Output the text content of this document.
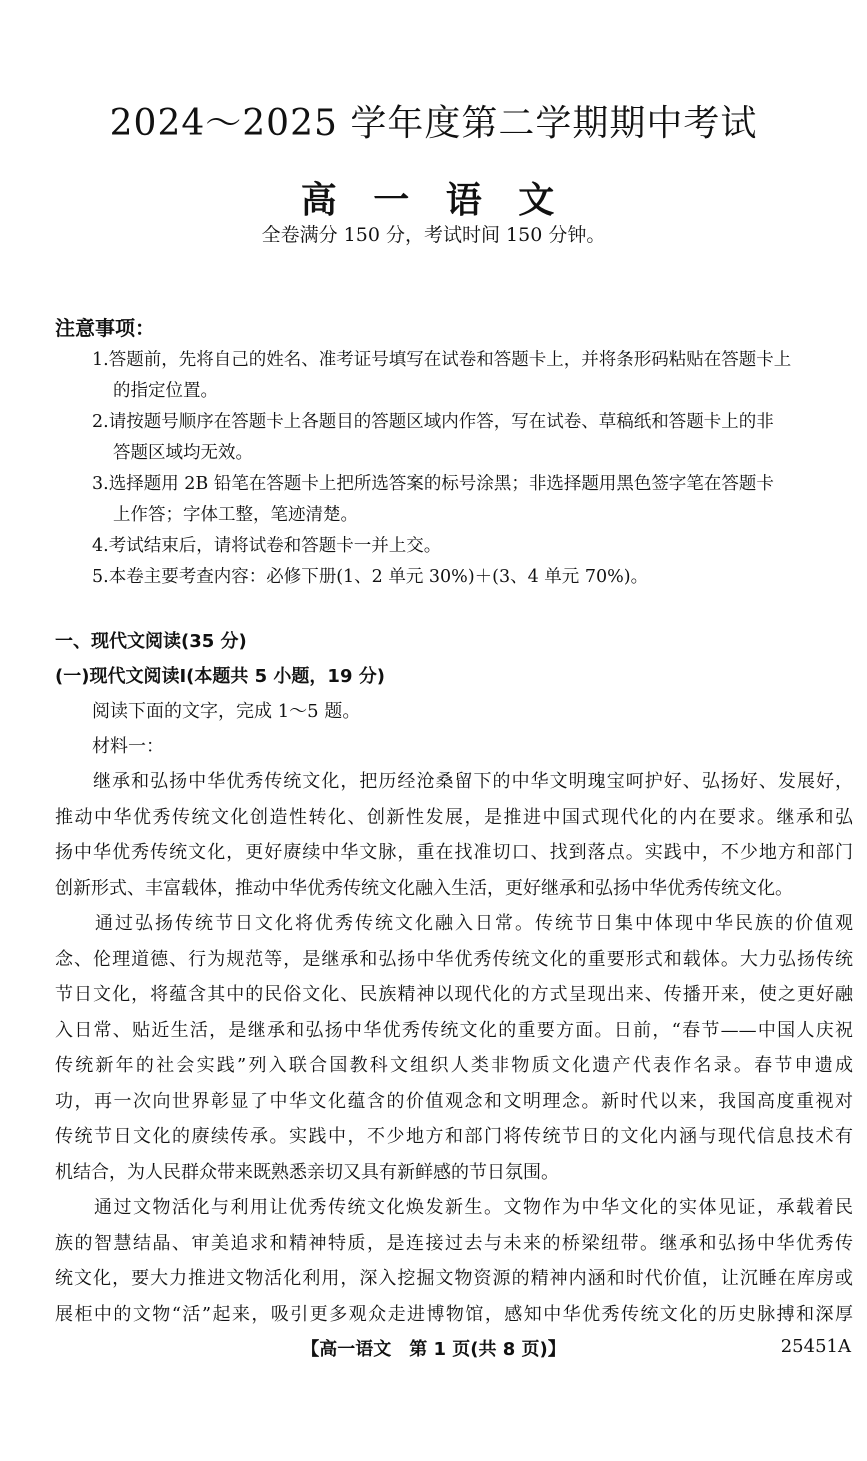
2024～2025 学年度第二学期期中考试
高 一 语 文
全卷满分 150 分，考试时间 150 分钟。
注意事项：
1.答题前，先将自己的姓名、准考证号填写在试卷和答题卡上，并将条形码粘贴在答题卡上
的指定位置。
2.请按题号顺序在答题卡上各题目的答题区域内作答，写在试卷、草稿纸和答题卡上的非
答题区域均无效。
3.选择题用 2B 铅笔在答题卡上把所选答案的标号涂黑；非选择题用黑色签字笔在答题卡
上作答；字体工整，笔迹清楚。
4.考试结束后，请将试卷和答题卡一并上交。
5.本卷主要考查内容：必修下册(1、2 单元 30%)＋(3、4 单元 70%)。
一、现代文阅读(35 分)
(一)现代文阅读Ⅰ(本题共 5 小题，19 分)
阅读下面的文字，完成 1～5 题。
材料一：
　　继承和弘扬中华优秀传统文化，把历经沧桑留下的中华文明瑰宝呵护好、弘扬好、发展好，
推动中华优秀传统文化创造性转化、创新性发展，是推进中国式现代化的内在要求。继承和弘
扬中华优秀传统文化，更好赓续中华文脉，重在找准切口、找到落点。实践中，不少地方和部门
创新形式、丰富载体，推动中华优秀传统文化融入生活，更好继承和弘扬中华优秀传统文化。
　　通过弘扬传统节日文化将优秀传统文化融入日常。传统节日集中体现中华民族的价值观
念、伦理道德、行为规范等，是继承和弘扬中华优秀传统文化的重要形式和载体。大力弘扬传统
节日文化，将蕴含其中的民俗文化、民族精神以现代化的方式呈现出来、传播开来，使之更好融
入日常、贴近生活，是继承和弘扬中华优秀传统文化的重要方面。日前，“春节——中国人庆祝
传统新年的社会实践”列入联合国教科文组织人类非物质文化遗产代表作名录。春节申遗成
功，再一次向世界彰显了中华文化蕴含的价值观念和文明理念。新时代以来，我国高度重视对
传统节日文化的赓续传承。实践中，不少地方和部门将传统节日的文化内涵与现代信息技术有
机结合，为人民群众带来既熟悉亲切又具有新鲜感的节日氛围。
　　通过文物活化与利用让优秀传统文化焕发新生。文物作为中华文化的实体见证，承载着民
族的智慧结晶、审美追求和精神特质，是连接过去与未来的桥梁纽带。继承和弘扬中华优秀传
统文化，要大力推进文物活化利用，深入挖掘文物资源的精神内涵和时代价值，让沉睡在库房或
展柜中的文物“活”起来，吸引更多观众走进博物馆，感知中华优秀传统文化的历史脉搏和深厚
【高一语文　第 1 页(共 8 页)】	25451A
